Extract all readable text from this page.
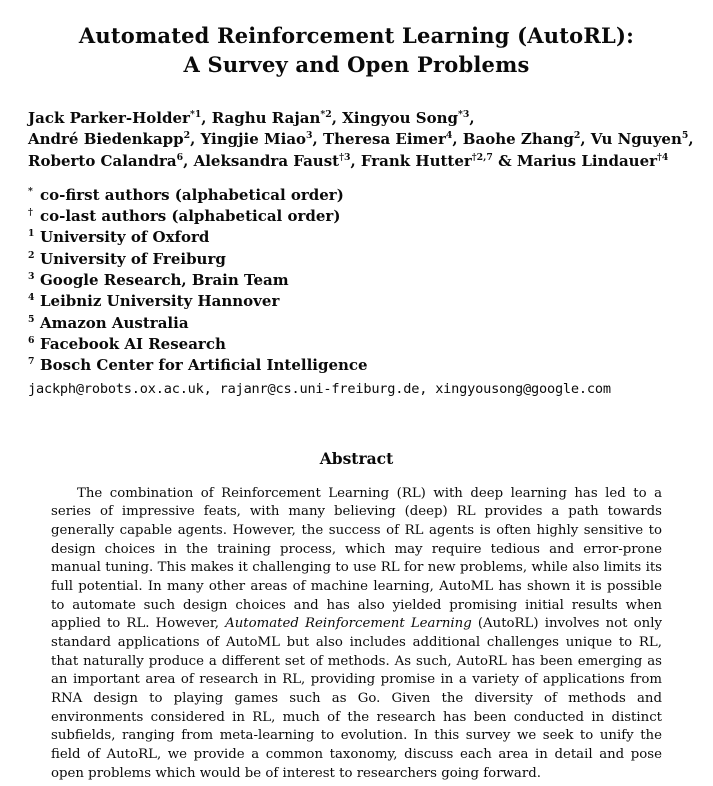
Automated Reinforcement Learning (AutoRL):
A Survey and Open Problems
Jack Parker-Holder$^{*1}$, Raghu Rajan$^{*2}$, Xingyou Song$^{*3}$,
André Biedenkapp$^2$, Yingjie Miao$^3$, Theresa Eimer$^4$, Baohe Zhang$^2$, Vu Nguyen$^5$,
Roberto Calandra$^6$, Aleksandra Faust$^{\dagger 3}$, Frank Hutter$^{\dagger 2,7}$ & Marius Lindauer$^{\dagger 4}$
* co-first authors (alphabetical order)
† co-last authors (alphabetical order)
$^1$ University of Oxford
$^2$ University of Freiburg
$^3$ Google Research, Brain Team
$^4$ Leibniz University Hannover
$^5$ Amazon Australia
$^6$ Facebook AI Research
$^7$ Bosch Center for Artificial Intelligence
jackph@robots.ox.ac.uk, rajanr@cs.uni-freiburg.de, xingyousong@google.com
Abstract

The combination of Reinforcement Learning (RL) with deep learning has led to a series of impressive feats, with many believing (deep) RL provides a path towards generally capable agents. However, the success of RL agents is often highly sensitive to design choices in the training process, which may require tedious and error-prone manual tuning. This makes it challenging to use RL for new problems, while also limits its full potential. In many other areas of machine learning, AutoML has shown it is possible to automate such design choices and has also yielded promising initial results when applied to RL. However, Automated Reinforcement Learning (AutoRL) involves not only standard applications of AutoML but also includes additional challenges unique to RL, that naturally produce a different set of methods. As such, AutoRL has been emerging as an important area of research in RL, providing promise in a variety of applications from RNA design to playing games such as Go. Given the diversity of methods and environments considered in RL, much of the research has been conducted in distinct subfields, ranging from meta-learning to evolution. In this survey we seek to unify the field of AutoRL, we provide a common taxonomy, discuss each area in detail and pose open problems which would be of interest to researchers going forward.
